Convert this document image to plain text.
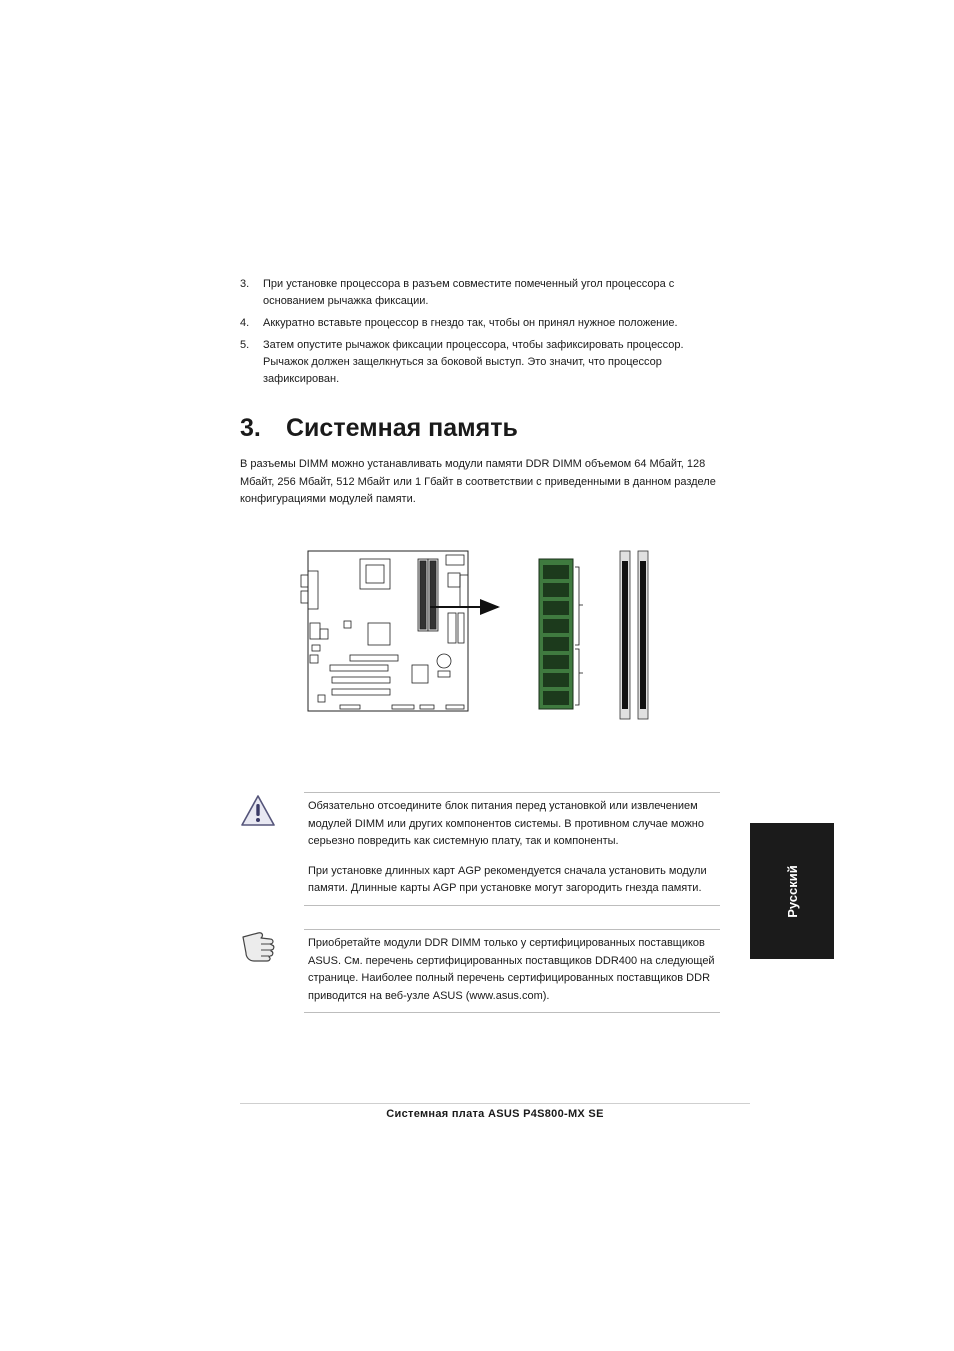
3. При установке процессора в разъем совместите помеченный угол процессора с основанием рычажка фиксации.
4. Аккуратно вставьте процессор в гнездо так, чтобы он принял нужное положение.
5. Затем опустите рычажок фиксации процессора, чтобы зафиксировать процессор. Рычажок должен защелкнуться за боковой выступ. Это значит, что процессор зафиксирован.
3. Системная память

В разъемы DIMM можно устанавливать модули памяти DDR DIMM объемом 64 Мбайт, 128 Мбайт, 256 Мбайт, 512 Мбайт или 1 Гбайт в соответствии с приведенными в данном разделе конфигурациями модулей памяти.

Обязательно отсоедините блок питания перед установкой или извлечением модулей DIMM или других компонентов системы. В противном случае можно серьезно повредить как системную плату, так и компоненты.

При установке длинных карт AGP рекомендуется сначала установить модули памяти. Длинные карты AGP при установке могут загородить гнезда памяти.

Приобретайте модули DDR DIMM только у сертифицированных поставщиков ASUS. См. перечень сертифицированных поставщиков DDR400 на следующей странице. Наиболее полный перечень сертифицированных поставщиков DDR приводится на веб-узле ASUS (www.asus.com).

Русский
Системная плата ASUS P4S800-MX SE
